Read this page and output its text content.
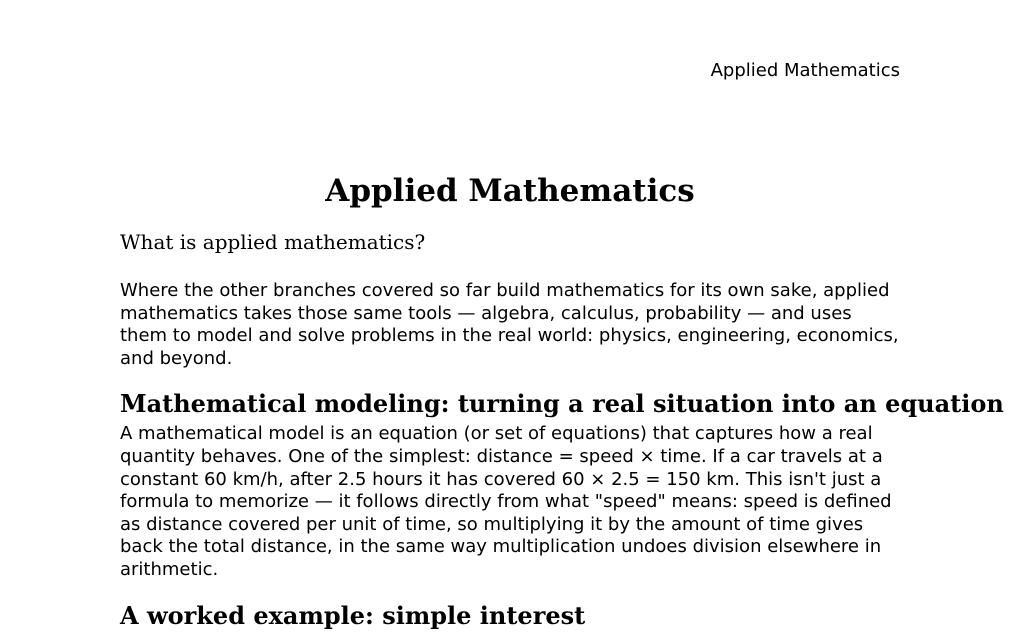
Applied Mathematics
Applied Mathematics
What is applied mathematics?

Where the other branches covered so far build mathematics for its own sake, applied mathematics takes those same tools — algebra, calculus, probability — and uses them to model and solve problems in the real world: physics, engineering, economics, and beyond.

Mathematical modeling: turning a real situation into an equation

A mathematical model is an equation (or set of equations) that captures how a real quantity behaves. One of the simplest: distance = speed × time. If a car travels at a constant 60 km/h, after 2.5 hours it has covered 60 × 2.5 = 150 km. This isn't just a formula to memorize — it follows directly from what "speed" means: speed is defined as distance covered per unit of time, so multiplying it by the amount of time gives back the total distance, in the same way multiplication undoes division elsewhere in arithmetic.

A worked example: simple interest
